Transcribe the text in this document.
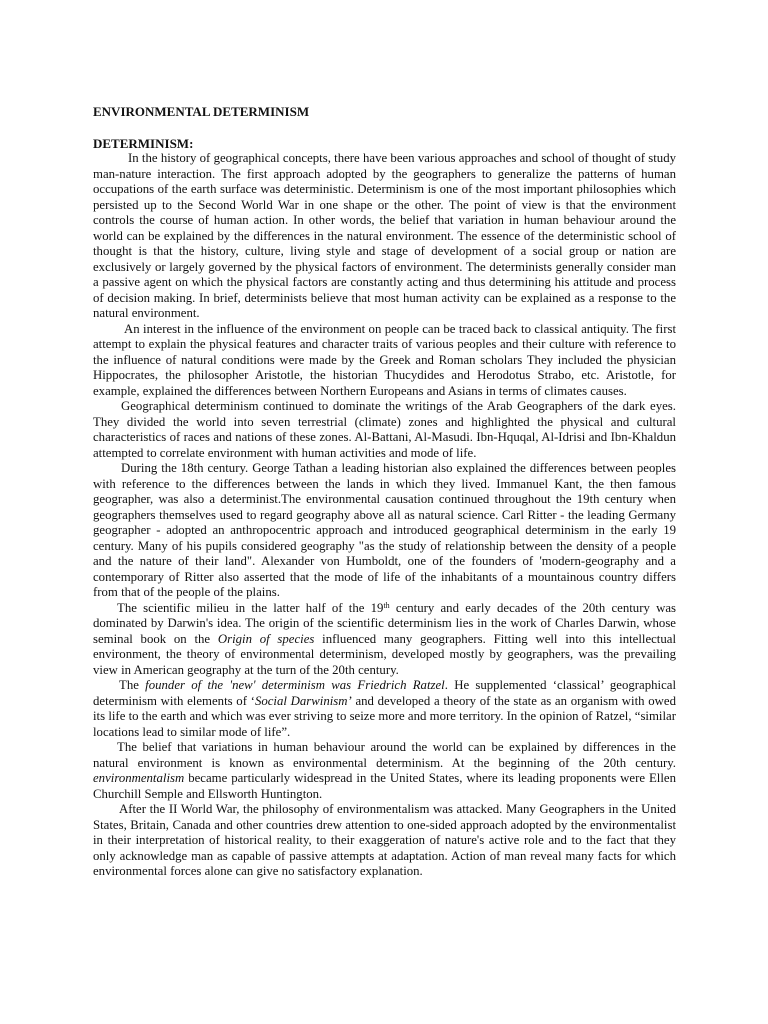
ENVIRONMENTAL DETERMINISM
DETERMINISM:

In the history of geographical concepts, there have been various approaches and school of thought of study man-nature interaction. The first approach adopted by the geographers to generalize the patterns of human occupations of the earth surface was deterministic. Determinism is one of the most important philosophies which persisted up to the Second World War in one shape or the other. The point of view is that the environment controls the course of human action. In other words, the belief that variation in human behaviour around the world can be explained by the differences in the natural environment. The essence of the deterministic school of thought is that the history, culture, living style and stage of development of a social group or nation are exclusively or largely governed by the physical factors of environment. The determinists generally consider man a passive agent on which the physical factors are constantly acting and thus determining his attitude and process of decision making. In brief, determinists believe that most human activity can be explained as a response to the natural environment.

An interest in the influence of the environment on people can be traced back to classical antiquity. The first attempt to explain the physical features and character traits of various peoples and their culture with reference to the influence of natural conditions were made by the Greek and Roman scholars They included the physician Hippocrates, the philosopher Aristotle, the historian Thucydides and Herodotus Strabo, etc. Aristotle, for example, explained the differences between Northern Europeans and Asians in terms of climates causes.

Geographical determinism continued to dominate the writings of the Arab Geographers of the dark eyes. They divided the world into seven terrestrial (climate) zones and highlighted the physical and cultural characteristics of races and nations of these zones. Al-Battani, Al-Masudi. Ibn-Hquqal, Al-Idrisi and Ibn-Khaldun attempted to correlate environment with human activities and mode of life.

During the 18th century. George Tathan a leading historian also explained the differences between peoples with reference to the differences between the lands in which they lived. Immanuel Kant, the then famous geographer, was also a determinist.The environmental causation continued throughout the 19th century when geographers themselves used to regard geography above all as natural science. Carl Ritter - the leading Germany geographer - adopted an anthropocentric approach and introduced geographical determinism in the early 19 century. Many of his pupils considered geography "as the study of relationship between the density of a people and the nature of their land". Alexander von Humboldt, one of the founders of 'modern-geography and a contemporary of Ritter also asserted that the mode of life of the inhabitants of a mountainous country differs from that of the people of the plains.

The scientific milieu in the latter half of the 19th century and early decades of the 20th century was dominated by Darwin's idea. The origin of the scientific determinism lies in the work of Charles Darwin, whose seminal book on the Origin of species influenced many geographers. Fitting well into this intellectual environment, the theory of environmental determinism, developed mostly by geographers, was the prevailing view in American geography at the turn of the 20th century.

The founder of the 'new' determinism was Friedrich Ratzel. He supplemented ‘classical’ geographical determinism with elements of ‘Social Darwinism’ and developed a theory of the state as an organism with owed its life to the earth and which was ever striving to seize more and more territory. In the opinion of Ratzel, “similar locations lead to similar mode of life”.

The belief that variations in human behaviour around the world can be explained by differences in the natural environment is known as environmental determinism. At the beginning of the 20th century. environmentalism became particularly widespread in the United States, where its leading proponents were Ellen Churchill Semple and Ellsworth Huntington.

After the II World War, the philosophy of environmentalism was attacked. Many Geographers in the United States, Britain, Canada and other countries drew attention to one-sided approach adopted by the environmentalist in their interpretation of historical reality, to their exaggeration of nature's active role and to the fact that they only acknowledge man as capable of passive attempts at adaptation. Action of man reveal many facts for which environmental forces alone can give no satisfactory explanation.
